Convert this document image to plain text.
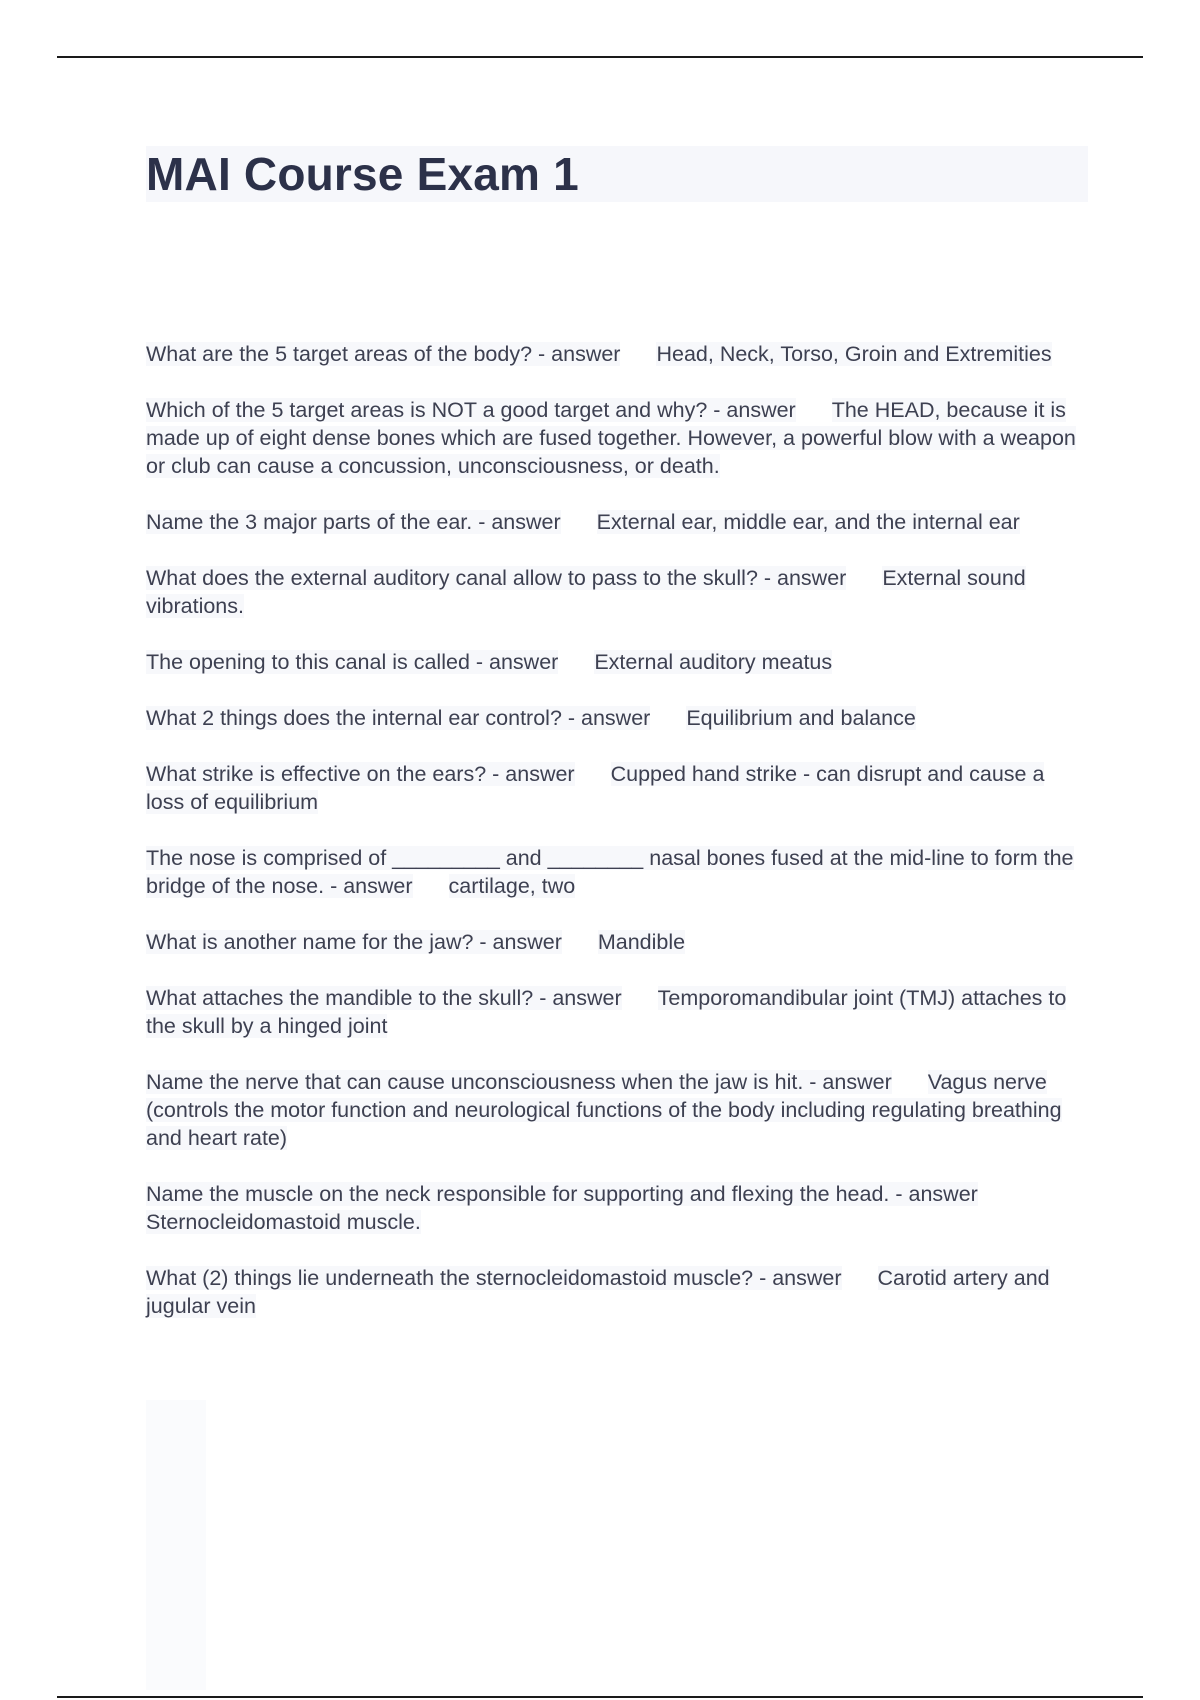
MAI Course Exam 1

What are the 5 target areas of the body? - answer Head, Neck, Torso, Groin and Extremities

Which of the 5 target areas is NOT a good target and why? - answer The HEAD, because it is made up of eight dense bones which are fused together. However, a powerful blow with a weapon or club can cause a concussion, unconsciousness, or death.

Name the 3 major parts of the ear. - answer External ear, middle ear, and the internal ear

What does the external auditory canal allow to pass to the skull? - answer External sound vibrations.

The opening to this canal is called - answer External auditory meatus

What 2 things does the internal ear control? - answer Equilibrium and balance

What strike is effective on the ears? - answer Cupped hand strike - can disrupt and cause a loss of equilibrium

The nose is comprised of _________ and ________ nasal bones fused at the mid-line to form the bridge of the nose. - answer cartilage, two

What is another name for the jaw? - answer Mandible

What attaches the mandible to the skull? - answer Temporomandibular joint (TMJ) attaches to the skull by a hinged joint

Name the nerve that can cause unconsciousness when the jaw is hit. - answer Vagus nerve (controls the motor function and neurological functions of the body including regulating breathing and heart rate)

Name the muscle on the neck responsible for supporting and flexing the head. - answerSternocleidomastoid muscle.

What (2) things lie underneath the sternocleidomastoid muscle? - answer Carotid artery and jugular vein
